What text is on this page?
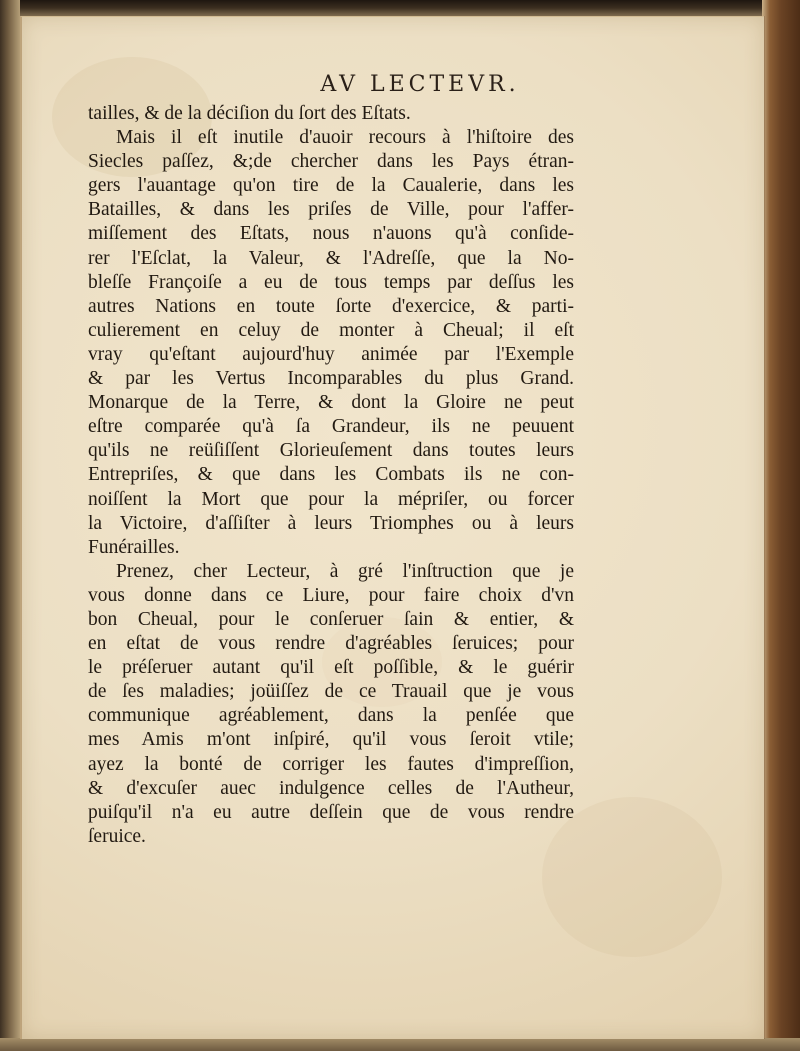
AV LECTEVR.
tailles, & de la déciſion du ſort des Eſtats.
Mais il eſt inutile d'auoir recours à l'hiſtoire des
Siecles paſſez, &;de chercher dans les Pays étran-
gers l'auantage qu'on tire de la Caualerie, dans les
Batailles, & dans les priſes de Ville, pour l'affer-
miſſement des Eſtats, nous n'auons qu'à conſide-
rer l'Eſclat, la Valeur, & l'Adreſſe, que la No-
bleſſe Françoiſe a eu de tous temps par deſſus les
autres Nations en toute ſorte d'exercice, & parti-
culierement en celuy de monter à Cheual; il eſt
vray qu'eſtant aujourd'huy animée par l'Exemple
& par les Vertus Incomparables du plus Grand.
Monarque de la Terre, & dont la Gloire ne peut
eſtre comparée qu'à ſa Grandeur, ils ne peuuent
qu'ils ne reüſiſſent Glorieuſement dans toutes leurs
Entrepriſes, & que dans les Combats ils ne con-
noiſſent la Mort que pour la mépriſer, ou forcer
la Victoire, d'aſſiſter à leurs Triomphes ou à leurs
Funérailles.
Prenez, cher Lecteur, à gré l'inſtruction que je
vous donne dans ce Liure, pour faire choix d'vn
bon Cheual, pour le conſeruer ſain & entier, &
en eſtat de vous rendre d'agréables ſeruices; pour
le préſeruer autant qu'il eſt poſſible, & le guérir
de ſes maladies; joüiſſez de ce Trauail que je vous
communique agréablement, dans la penſée que
mes Amis m'ont inſpiré, qu'il vous ſeroit vtile;
ayez la bonté de corriger les fautes d'impreſſion,
& d'excuſer auec indulgence celles de l'Autheur,
puiſqu'il n'a eu autre deſſein que de vous rendre
ſeruice.
